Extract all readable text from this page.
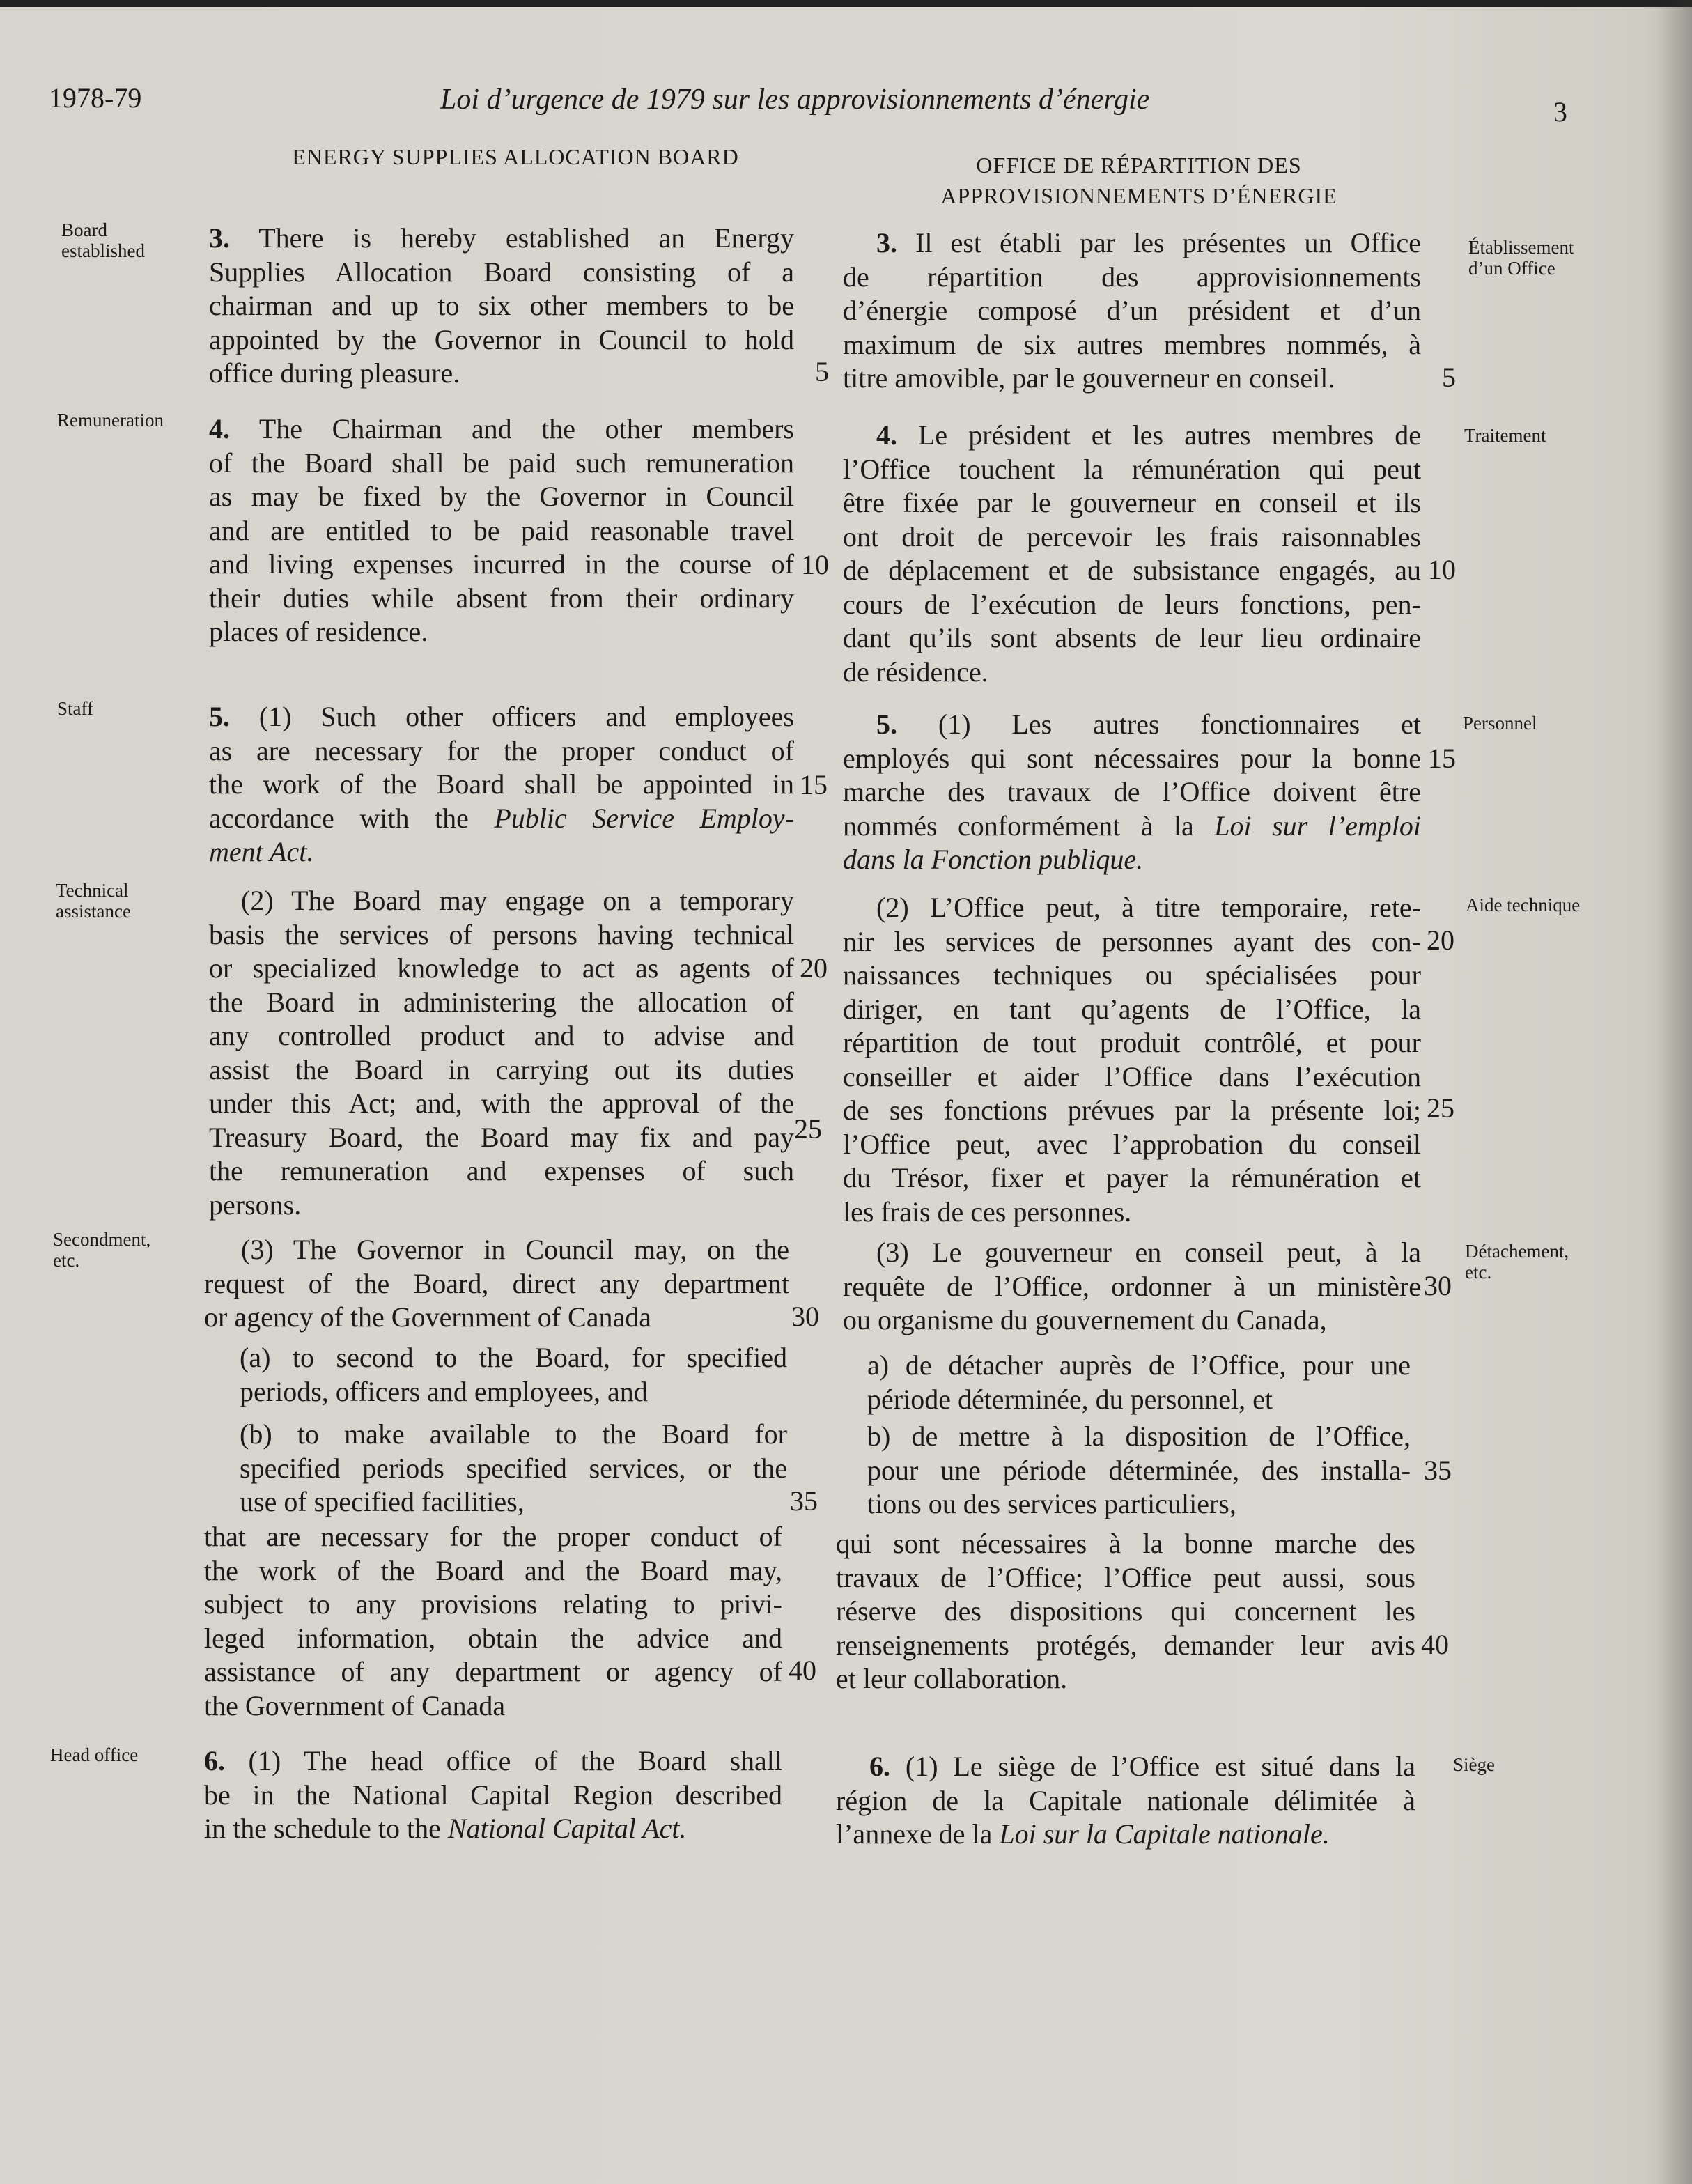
1978-79	Loi d’urgence de 1979 sur les approvisionnements d’énergie	3
ENERGY SUPPLIES ALLOCATION BOARD	OFFICE DE RÉPARTITION DES
APPROVISIONNEMENTS D’ÉNERGIE
Board
established
Remuneration
Staff
Technical
assistance
Secondment,
etc.
Head office
Établissement
d’un Office
Traitement
Personnel
Aide technique
Détachement,
etc.
Siège
3. There is hereby established an Energy
Supplies Allocation Board consisting of a
chairman and up to six other members to be
appointed by the Governor in Council to hold
office during pleasure.
4. The Chairman and the other members
of the Board shall be paid such remuneration
as may be fixed by the Governor in Council
and are entitled to be paid reasonable travel
and living expenses incurred in the course of
their duties while absent from their ordinary
places of residence.
5. (1) Such other officers and employees
as are necessary for the proper conduct of
the work of the Board shall be appointed in
accordance with the Public Service Employ-
ment Act.
(2) The Board may engage on a temporary
basis the services of persons having technical
or specialized knowledge to act as agents of
the Board in administering the allocation of
any controlled product and to advise and
assist the Board in carrying out its duties
under this Act; and, with the approval of the
Treasury Board, the Board may fix and pay
the remuneration and expenses of such
persons.
(3) The Governor in Council may, on the
request of the Board, direct any department
or agency of the Government of Canada
(a) to second to the Board, for specified
periods, officers and employees, and
(b) to make available to the Board for
specified periods specified services, or the
use of specified facilities,
that are necessary for the proper conduct of
the work of the Board and the Board may,
subject to any provisions relating to privi-
leged information, obtain the advice and
assistance of any department or agency of
the Government of Canada
6. (1) The head office of the Board shall
be in the National Capital Region described
in the schedule to the National Capital Act.
3. Il est établi par les présentes un Office
de répartition des approvisionnements
d’énergie composé d’un président et d’un
maximum de six autres membres nommés, à
titre amovible, par le gouverneur en conseil.
4. Le président et les autres membres de
l’Office touchent la rémunération qui peut
être fixée par le gouverneur en conseil et ils
ont droit de percevoir les frais raisonnables
de déplacement et de subsistance engagés, au
cours de l’exécution de leurs fonctions, pen-
dant qu’ils sont absents de leur lieu ordinaire
de résidence.
5. (1) Les autres fonctionnaires et
employés qui sont nécessaires pour la bonne
marche des travaux de l’Office doivent être
nommés conformément à la Loi sur l’emploi
dans la Fonction publique.
(2) L’Office peut, à titre temporaire, rete-
nir les services de personnes ayant des con-
naissances techniques ou spécialisées pour
diriger, en tant qu’agents de l’Office, la
répartition de tout produit contrôlé, et pour
conseiller et aider l’Office dans l’exécution
de ses fonctions prévues par la présente loi;
l’Office peut, avec l’approbation du conseil
du Trésor, fixer et payer la rémunération et
les frais de ces personnes.
(3) Le gouverneur en conseil peut, à la
requête de l’Office, ordonner à un ministère
ou organisme du gouvernement du Canada,
a) de détacher auprès de l’Office, pour une
période déterminée, du personnel, et
b) de mettre à la disposition de l’Office,
pour une période déterminée, des installa-
tions ou des services particuliers,
qui sont nécessaires à la bonne marche des
travaux de l’Office; l’Office peut aussi, sous
réserve des dispositions qui concernent les
renseignements protégés, demander leur avis
et leur collaboration.
6. (1) Le siège de l’Office est situé dans la
région de la Capitale nationale délimitée à
l’annexe de la Loi sur la Capitale nationale.
5
10
15
20
25
30
35
40
5
10
15
20
25
30
35
40
